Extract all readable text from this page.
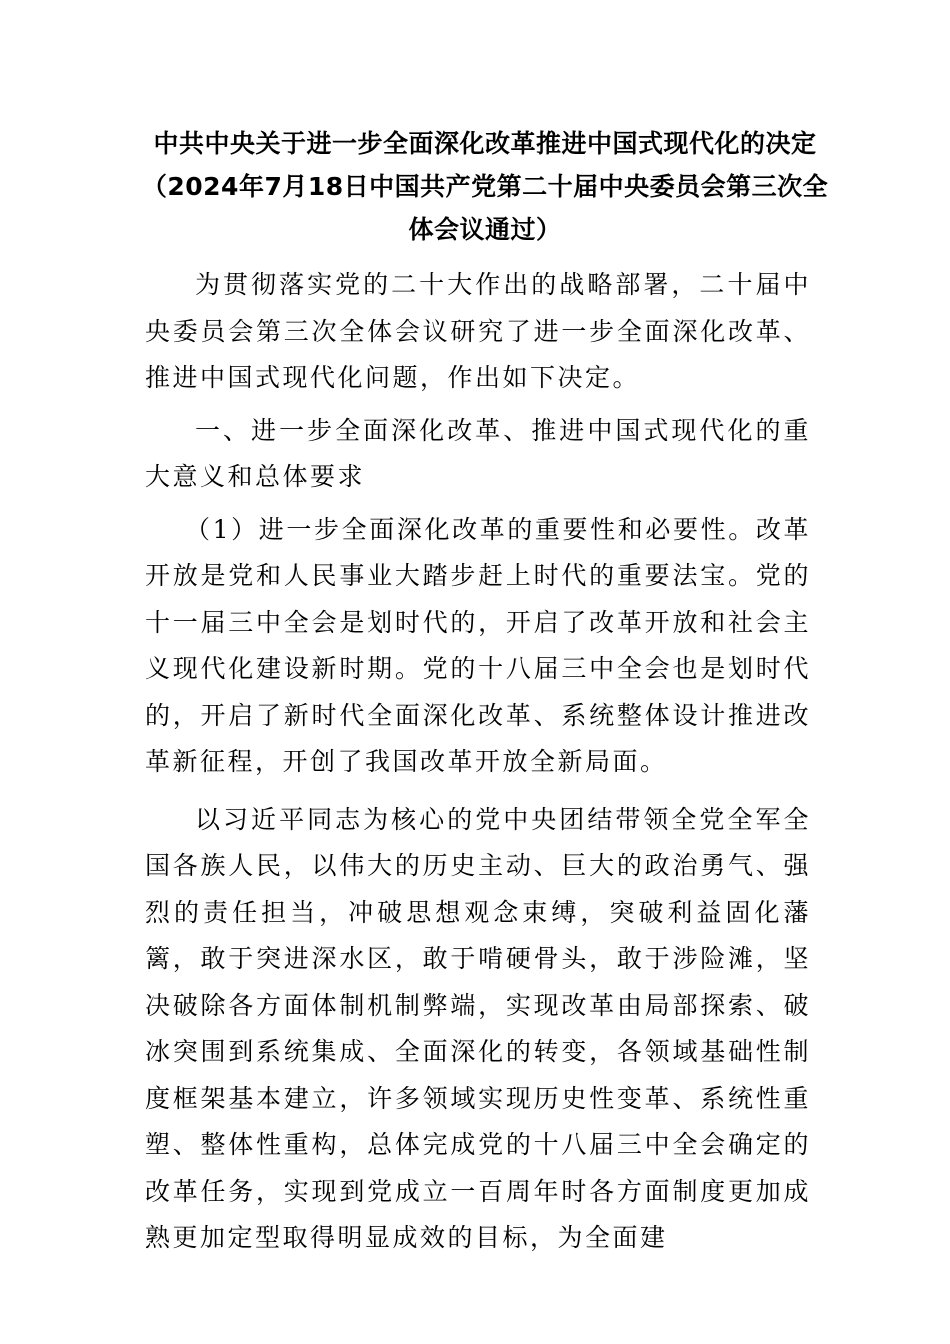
中共中央关于进一步全面深化改革推进中国式现代化的决定

（2024年7月18日中国共产党第二十届中央委员会第三次全体会议通过）

为贯彻落实党的二十大作出的战略部署，二十届中央委员会第三次全体会议研究了进一步全面深化改革、推进中国式现代化问题，作出如下决定。

一、进一步全面深化改革、推进中国式现代化的重大意义和总体要求

（1）进一步全面深化改革的重要性和必要性。改革开放是党和人民事业大踏步赶上时代的重要法宝。党的十一届三中全会是划时代的，开启了改革开放和社会主义现代化建设新时期。党的十八届三中全会也是划时代的，开启了新时代全面深化改革、系统整体设计推进改革新征程，开创了我国改革开放全新局面。

以习近平同志为核心的党中央团结带领全党全军全国各族人民，以伟大的历史主动、巨大的政治勇气、强烈的责任担当，冲破思想观念束缚，突破利益固化藩篱，敢于突进深水区，敢于啃硬骨头，敢于涉险滩，坚决破除各方面体制机制弊端，实现改革由局部探索、破冰突围到系统集成、全面深化的转变，各领域基础性制度框架基本建立，许多领域实现历史性变革、系统性重塑、整体性重构，总体完成党的十八届三中全会确定的改革任务，实现到党成立一百周年时各方面制度更加成熟更加定型取得明显成效的目标，为全面建
